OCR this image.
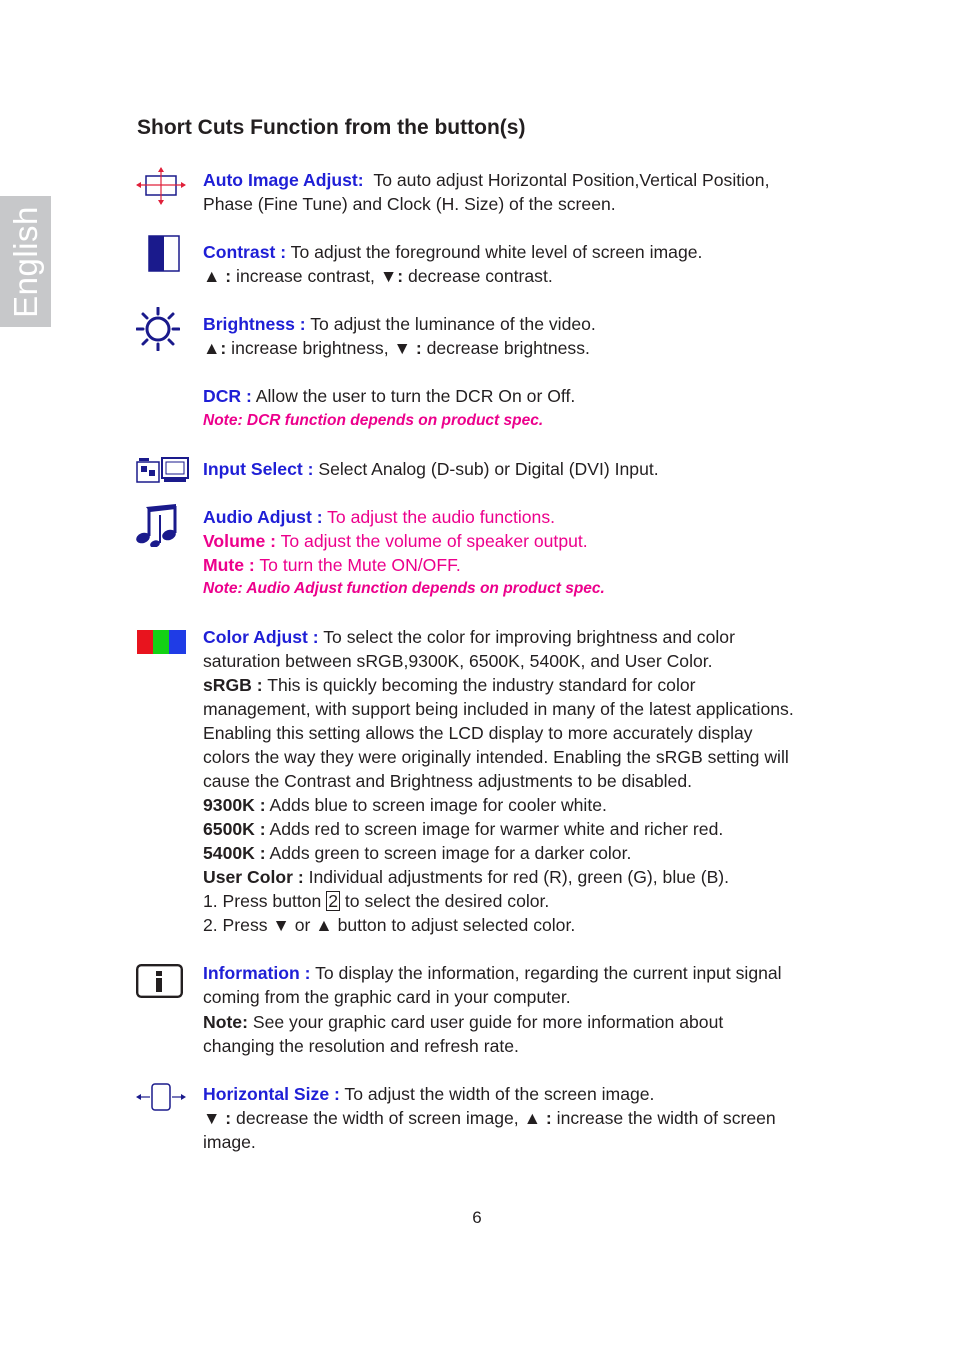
English
Short Cuts Function from the button(s)
Auto Image Adjust: To auto adjust Horizontal Position,Vertical Position,
Phase (Fine Tune) and Clock (H. Size) of the screen.
Contrast : To adjust the foreground white level of screen image.
▲ : increase contrast, ▼: decrease contrast.
Brightness : To adjust the luminance of the video.
▲: increase brightness, ▼ : decrease brightness.
DCR : Allow the user to turn the DCR On or Off.
Note: DCR function depends on product spec.
Input Select : Select Analog (D-sub) or Digital (DVI) Input.
Audio Adjust : To adjust the audio functions.
Volume : To adjust the volume of speaker output.
Mute : To turn the Mute ON/OFF.
Note: Audio Adjust function depends on product spec.
Color Adjust : To select the color for improving brightness and color
saturation between sRGB,9300K, 6500K, 5400K, and User Color.
sRGB : This is quickly becoming the industry standard for color
management, with support being included in many of the latest applications.
Enabling this setting allows the LCD display to more accurately display
colors the way they were originally intended. Enabling the sRGB setting will
cause the Contrast and Brightness adjustments to be disabled.
9300K : Adds blue to screen image for cooler white.
6500K : Adds red to screen image for warmer white and richer red.
5400K : Adds green to screen image for a darker color.
User Color : Individual adjustments for red (R), green (G), blue (B).
1. Press button 2 to select the desired color.
2. Press ▼ or ▲ button to adjust selected color.
Information : To display the information, regarding the current input signal
coming from the graphic card in your computer.
Note: See your graphic card user guide for more information about
changing the resolution and refresh rate.
Horizontal Size : To adjust the width of the screen image.
▼ : decrease the width of screen image, ▲ : increase the width of screen
image.
6
